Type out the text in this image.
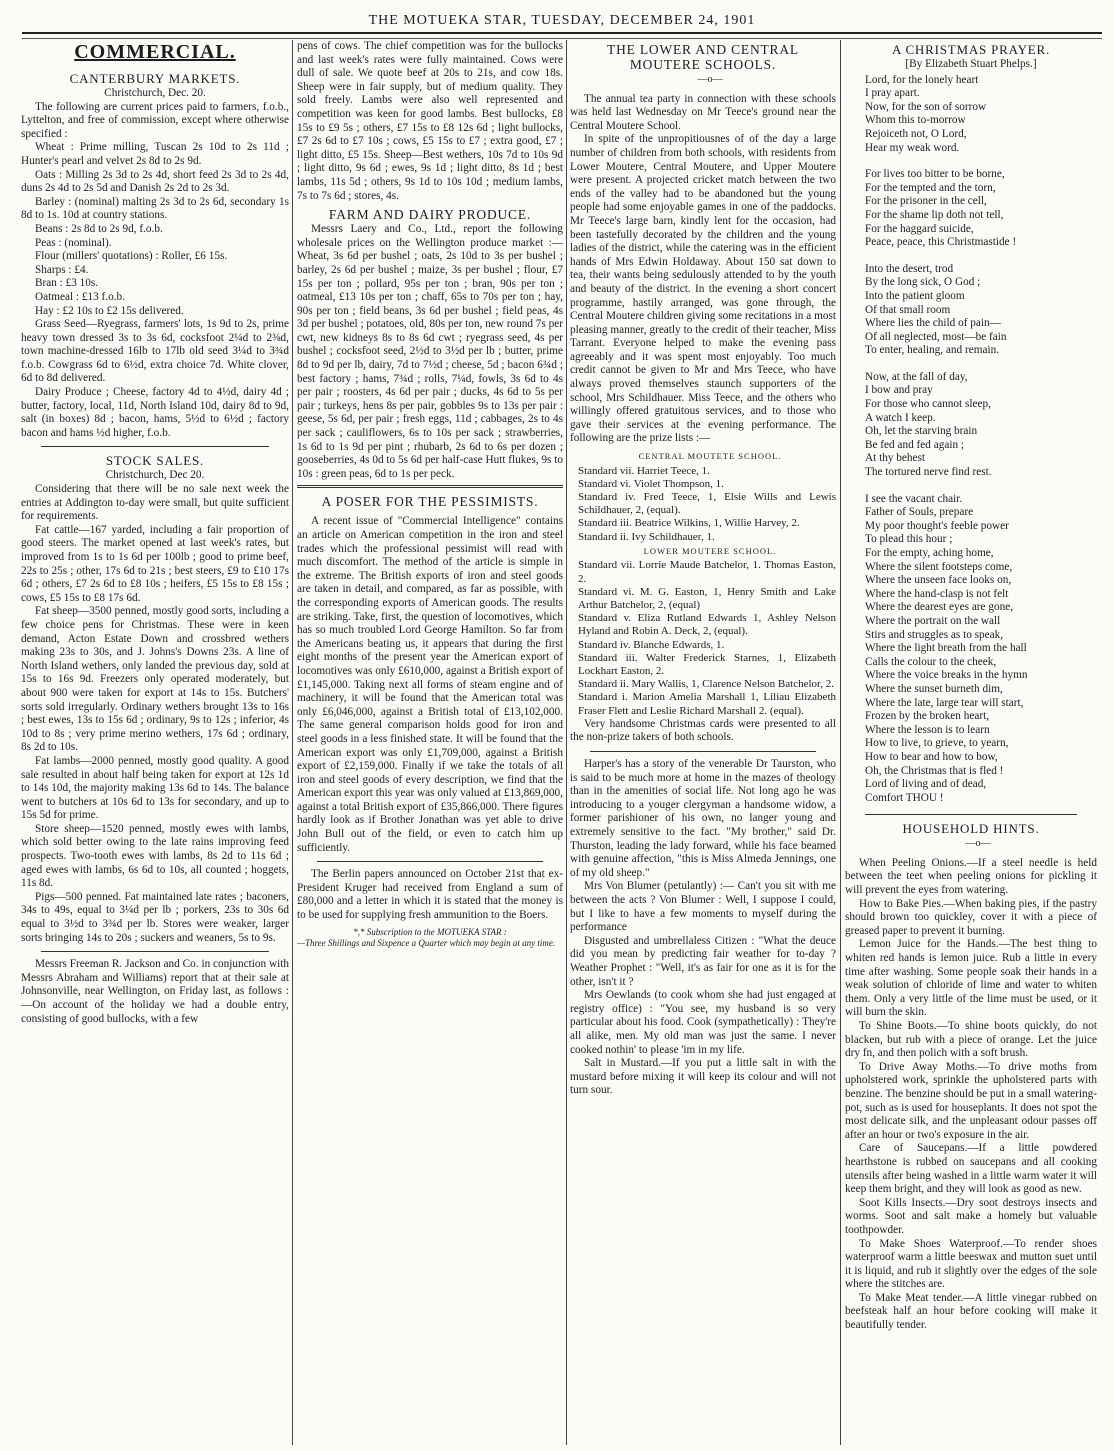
THE MOTUEKA STAR, TUESDAY, DECEMBER 24, 1901
COMMERCIAL.
CANTERBURY MARKETS.

Christchurch, Dec. 20.

The following are current prices paid to farmers, f.o.b., Lyttelton, and free of commission, except where otherwise specified :

Wheat : Prime milling, Tuscan 2s 10d to 2s 11d ; Hunter's pearl and velvet 2s 8d to 2s 9d.

Oats : Milling 2s 3d to 2s 4d, short feed 2s 3d to 2s 4d, duns 2s 4d to 2s 5d and Danish 2s 2d to 2s 3d.

Barley : (nominal) malting 2s 3d to 2s 6d, secondary 1s 8d to 1s. 10d at country stations.

Beans : 2s 8d to 2s 9d, f.o.b.

Peas : (nominal).

Flour (millers' quotations) : Roller, £6 15s.

Sharps : £4.

Bran : £3 10s.

Oatmeal : £13 f.o.b.

Hay : £2 10s to £2 15s delivered.

Grass Seed—Ryegrass, farmers' lots, 1s 9d to 2s, prime heavy town dressed 3s to 3s 6d, cocksfoot 2¼d to 2⅜d, town machine-dressed 16lb to 17lb old seed 3¼d to 3¾d f.o.b. Cowgrass 6d to 6½d, extra choice 7d. White clover, 6d to 8d delivered.

Dairy Produce ; Cheese, factory 4d to 4½d, dairy 4d ; butter, factory, local, 11d, North Island 10d, dairy 8d to 9d, salt (in boxes) 8d ; bacon, hams, 5½d to 6½d ; factory bacon and hams ½d higher, f.o.b.

STOCK SALES.

Christchurch, Dec 20.

Considering that there will be no sale next week the entries at Addington to-day were small, but quite sufficient for requirements.

Fat cattle—167 yarded, including a fair proportion of good steers. The market opened at last week's rates, but improved from 1s to 1s 6d per 100lb ; good to prime beef, 22s to 25s ; other, 17s 6d to 21s ; best steers, £9 to £10 17s 6d ; others, £7 2s 6d to £8 10s ; heifers, £5 15s to £8 15s ; cows, £5 15s to £8 17s 6d.

Fat sheep—3500 penned, mostly good sorts, including a few choice pens for Christmas. These were in keen demand, Acton Estate Down and crossbred wethers making 23s to 30s, and J. Johns's Downs 23s. A line of North Island wethers, only landed the previous day, sold at 15s to 16s 9d. Freezers only operated moderately, but about 900 were taken for export at 14s to 15s. Butchers' sorts sold irregularly. Ordinary wethers brought 13s to 16s ; best ewes, 13s to 15s 6d ; ordinary, 9s to 12s ; inferior, 4s 10d to 8s ; very prime merino wethers, 17s 6d ; ordinary, 8s 2d to 10s.

Fat lambs—2000 penned, mostly good quality. A good sale resulted in about half being taken for export at 12s 1d to 14s 10d, the majority making 13s 6d to 14s. The balance went to butchers at 10s 6d to 13s for secondary, and up to 15s 5d for prime.

Store sheep—1520 penned, mostly ewes with lambs, which sold better owing to the late rains improving feed prospects. Two-tooth ewes with lambs, 8s 2d to 11s 6d ; aged ewes with lambs, 6s 6d to 10s, all counted ; hoggets, 11s 8d.

Pigs—500 penned. Fat maintained late rates ; baconers, 34s to 49s, equal to 3¼d per lb ; porkers, 23s to 30s 6d equal to 3½d to 3¾d per lb. Stores were weaker, larger sorts bringing 14s to 20s ; suckers and weaners, 5s to 9s.

Messrs Freeman R. Jackson and Co. in conjunction with Messrs Abraham and Williams) report that at their sale at Johnsonville, near Wellington, on Friday last, as follows :—On account of the holiday we had a double entry, consisting of good bullocks, with a few

pens of cows. The chief competition was for the bullocks and last week's rates were fully maintained. Cows were dull of sale. We quote beef at 20s to 21s, and cow 18s. Sheep were in fair supply, but of medium quality. They sold freely. Lambs were also well represented and competition was keen for good lambs. Best bullocks, £8 15s to £9 5s ; others, £7 15s to £8 12s 6d ; light bullocks, £7 2s 6d to £7 10s ; cows, £5 15s to £7 ; extra good, £7 ; light ditto, £5 15s. Sheep—Best wethers, 10s 7d to 10s 9d ; light ditto, 9s 6d ; ewes, 9s 1d ; light ditto, 8s 1d ; best lambs, 11s 5d ; others, 9s 1d to 10s 10d ; medium lambs, 7s to 7s 6d ; stores, 4s.

FARM AND DAIRY PRODUCE.

Messrs Laery and Co., Ltd., report the following wholesale prices on the Wellington produce market :—Wheat, 3s 6d per bushel ; oats, 2s 10d to 3s per bushel ; barley, 2s 6d per bushel ; maize, 3s per bushel ; flour, £7 15s per ton ; pollard, 95s per ton ; bran, 90s per ton ; oatmeal, £13 10s per ton ; chaff, 65s to 70s per ton ; hay, 90s per ton ; field beans, 3s 6d per bushel ; field peas, 4s 3d per bushel ; potatoes, old, 80s per ton, new round 7s per cwt, new kidneys 8s to 8s 6d cwt ; ryegrass seed, 4s per bushel ; cocksfoot seed, 2½d to 3½d per lb ; butter, prime 8d to 9d per lb, dairy, 7d to 7½d ; cheese, 5d ; bacon 6¾d ; best factory ; hams, 7¾d ; rolls, 7¼d, fowls, 3s 6d to 4s per pair ; roosters, 4s 6d per pair ; ducks, 4s 6d to 5s per pair ; turkeys, hens 8s per pair, gobbles 9s to 13s per pair : geese, 5s 6d, per pair ; fresh eggs, 11d ; cabbages, 2s to 4s per sack ; cauliflowers, 6s to 10s per sack ; strawberries, 1s 6d to 1s 9d per pint ; rhubarb, 2s 6d to 6s per dozen ; gooseberries, 4s 0d to 5s 6d per half-case Hutt flukes, 9s to 10s : green peas, 6d to 1s per peck.

A POSER FOR THE PESSIMISTS.

A recent issue of "Commercial Intelligence" contains an article on American competition in the iron and steel trades which the professional pessimist will read with much discomfort. The method of the article is simple in the extreme. The British exports of iron and steel goods are taken in detail, and compared, as far as possible, with the corresponding exports of American goods. The results are striking. Take, first, the question of locomotives, which has so much troubled Lord George Hamilton. So far from the Americans beating us, it appears that during the first eight months of the present year the American export of locomotives was only £610,000, against a British export of £1,145,000. Taking next all forms of steam engine and of machinery, it will be found that the American total was only £6,046,000, against a British total of £13,102,000. The same general comparison holds good for iron and steel goods in a less finished state. It will be found that the American export was only £1,709,000, against a British export of £2,159,000. Finally if we take the totals of all iron and steel goods of every description, we find that the American export this year was only valued at £13,869,000, against a total British export of £35,866,000. There figures hardly look as if Brother Jonathan was yet able to drive John Bull out of the field, or even to catch him up sufficiently.

The Berlin papers announced on October 21st that ex-President Kruger had received from England a sum of £80,000 and a letter in which it is stated that the money is to be used for supplying fresh ammunition to the Boers.

*,* Subscription to the MOTUEKA STAR :

—Three Shillings and Sixpence a Quarter which may begin at any time.

THE LOWER AND CENTRAL MOUTERE SCHOOLS.

—o—

The annual tea party in connection with these schools was held last Wednesday on Mr Teece's ground near the Central Moutere School.

In spite of the unpropitiousnes of of the day a large number of children from both schools, with residents from Lower Moutere, Central Moutere, and Upper Moutere were present. A projected cricket match between the two ends of the valley had to be abandoned but the young people had some enjoyable games in one of the paddocks. Mr Teece's large barn, kindly lent for the occasion, had been tastefully decorated by the children and the young ladies of the district, while the catering was in the efficient hands of Mrs Edwin Holdaway. About 150 sat down to tea, their wants being sedulously attended to by the youth and beauty of the district. In the evening a short concert programme, hastily arranged, was gone through, the Central Moutere children giving some recitations in a most pleasing manner, greatly to the credit of their teacher, Miss Tarrant. Everyone helped to make the evening pass agreeably and it was spent most enjoyably. Too much credit cannot be given to Mr and Mrs Teece, who have always proved themselves staunch supporters of the school, Mrs Schildhauer. Miss Teece, and the others who willingly offered gratuitous services, and to those who gave their services at the evening performance. The following are the prize lists :—

CENTRAL MOUTETE SCHOOL.

Standard vii. Harriet Teece, 1.

Standard vi. Violet Thompson, 1.

Standard iv. Fred Teece, 1, Elsie Wills and Lewis Schildhauer, 2, (equal).

Standard iii. Beatrice Wilkins, 1, Willie Harvey, 2.

Standard ii. Ivy Schildhauer, 1.

LOWER MOUTERE SCHOOL.

Standard vii. Lorrie Maude Batchelor, 1. Thomas Easton, 2.

Standard vi. M. G. Easton, 1, Henry Smith and Lake Arthur Batchelor, 2, (equal)

Standard v. Eliza Rutland Edwards 1, Ashley Nelson Hyland and Robin A. Deck, 2, (equal).

Standard iv. Blanche Edwards, 1.

Standard iii. Walter Frederick Starnes, 1, Elizabeth Lockhart Easton, 2.

Standard ii. Mary Wallis, 1, Clarence Nelson Batchelor, 2.

Standard i. Marion Amelia Marshall 1, Liliau Elizabeth Fraser Flett and Leslie Richard Marshall 2. (equal).

Very handsome Christmas cards were presented to all the non-prize takers of both schools.

Harper's has a story of the venerable Dr Taurston, who is said to be much more at home in the mazes of theology than in the amenities of social life. Not long ago he was introducing to a youger clergyman a handsome widow, a former parishioner of his own, no langer young and extremely sensitive to the fact. "My brother," said Dr. Thurston, leading the lady forward, while his face beamed with genuine affection, "this is Miss Almeda Jennings, one of my old sheep."

Mrs Von Blumer (petulantly) :— Can't you sit with me between the acts ? Von Blumer : Well, I suppose I could, but I like to have a few moments to myself during the performance

Disgusted and umbrellaless Citizen : "What the deuce did you mean by predicting fair weather for to-day ? Weather Prophet : "Well, it's as fair for one as it is for the other, isn't it ?

Mrs Oewlands (to cook whom she had just engaged at registry office) : "You see, my husband is so very particular about his food. Cook (sympathetically) : They're all alike, men. My old man was just the same. I never cooked nothin' to please 'im in my life.

Salt in Mustard.—If you put a little salt in with the mustard before mixing it will keep its colour and will not turn sour.

A CHRISTMAS PRAYER.

[By Elizabeth Stuart Phelps.]

Lord, for the lonely heart

I pray apart.

Now, for the son of sorrow

Whom this to-morrow

Rejoiceth not, O Lord,

Hear my weak word.

For lives too bitter to be borne,

For the tempted and the torn,

For the prisoner in the cell,

For the shame lip doth not tell,

For the haggard suicide,

Peace, peace, this Christmastide !

Into the desert, trod

By the long sick, O God ;

Into the patient gloom

Of that small room

Where lies the child of pain—

Of all neglected, most—be fain

To enter, healing, and remain.

Now, at the fall of day,

I bow and pray

For those who cannot sleep,

A watch I keep.

Oh, let the starving brain

Be fed and fed again ;

At thy behest

The tortured nerve find rest.

I see the vacant chair.

Father of Souls, prepare

My poor thought's feeble power

To plead this hour ;

For the empty, aching home,

Where the silent footsteps come,

Where the unseen face looks on,

Where the hand-clasp is not felt

Where the dearest eyes are gone,

Where the portrait on the wall

Stirs and struggles as to speak,

Where the light breath from the hall

Calls the colour to the cheek,

Where the voice breaks in the hymn

Where the sunset burneth dim,

Where the late, large tear will start,

Frozen by the broken heart,

Where the lesson is to learn

How to live, to grieve, to yearn,

How to bear and how to bow,

Oh, the Christmas that is fled !

Lord of living and of dead,

Comfort THOU !

HOUSEHOLD HINTS.

—o—

When Peeling Onions.—If a steel needle is held between the teet when peeling onions for pickling it will prevent the eyes from watering.

How to Bake Pies.—When baking pies, if the pastry should brown too quickley, cover it with a piece of greased paper to prevent it burning.

Lemon Juice for the Hands.—The best thing to whiten red hands is lemon juice. Rub a little in every time after washing. Some people soak their hands in a weak solution of chloride of lime and water to whiten them. Only a very little of the lime must be used, or it will burn the skin.

To Shine Boots.—To shine boots quickly, do not blacken, but rub with a piece of orange. Let the juice dry fn, and then polich with a soft brush.

To Drive Away Moths.—To drive moths from upholstered work, sprinkle the upholstered parts with benzine. The benzine should be put in a small watering-pot, such as is used for houseplants. It does not spot the most delicate silk, and the unpleasant odour passes off after an hour or two's exposure in the air.

Care of Saucepans.—If a little powdered hearthstone is rubbed on saucepans and all cooking utensils after being washed in a little warm water it will keep them bright, and they will look as good as new.

Soot Kills Insects.—Dry soot destroys insects and worms. Soot and salt make a homely but valuable toothpowder.

To Make Shoes Waterproof.—To render shoes waterproof warm a little beeswax and mutton suet until it is liquid, and rub it slightly over the edges of the sole where the stitches are.

To Make Meat tender.—A little vinegar rubbed on beefsteak half an hour before cooking will make it beautifully tender.
